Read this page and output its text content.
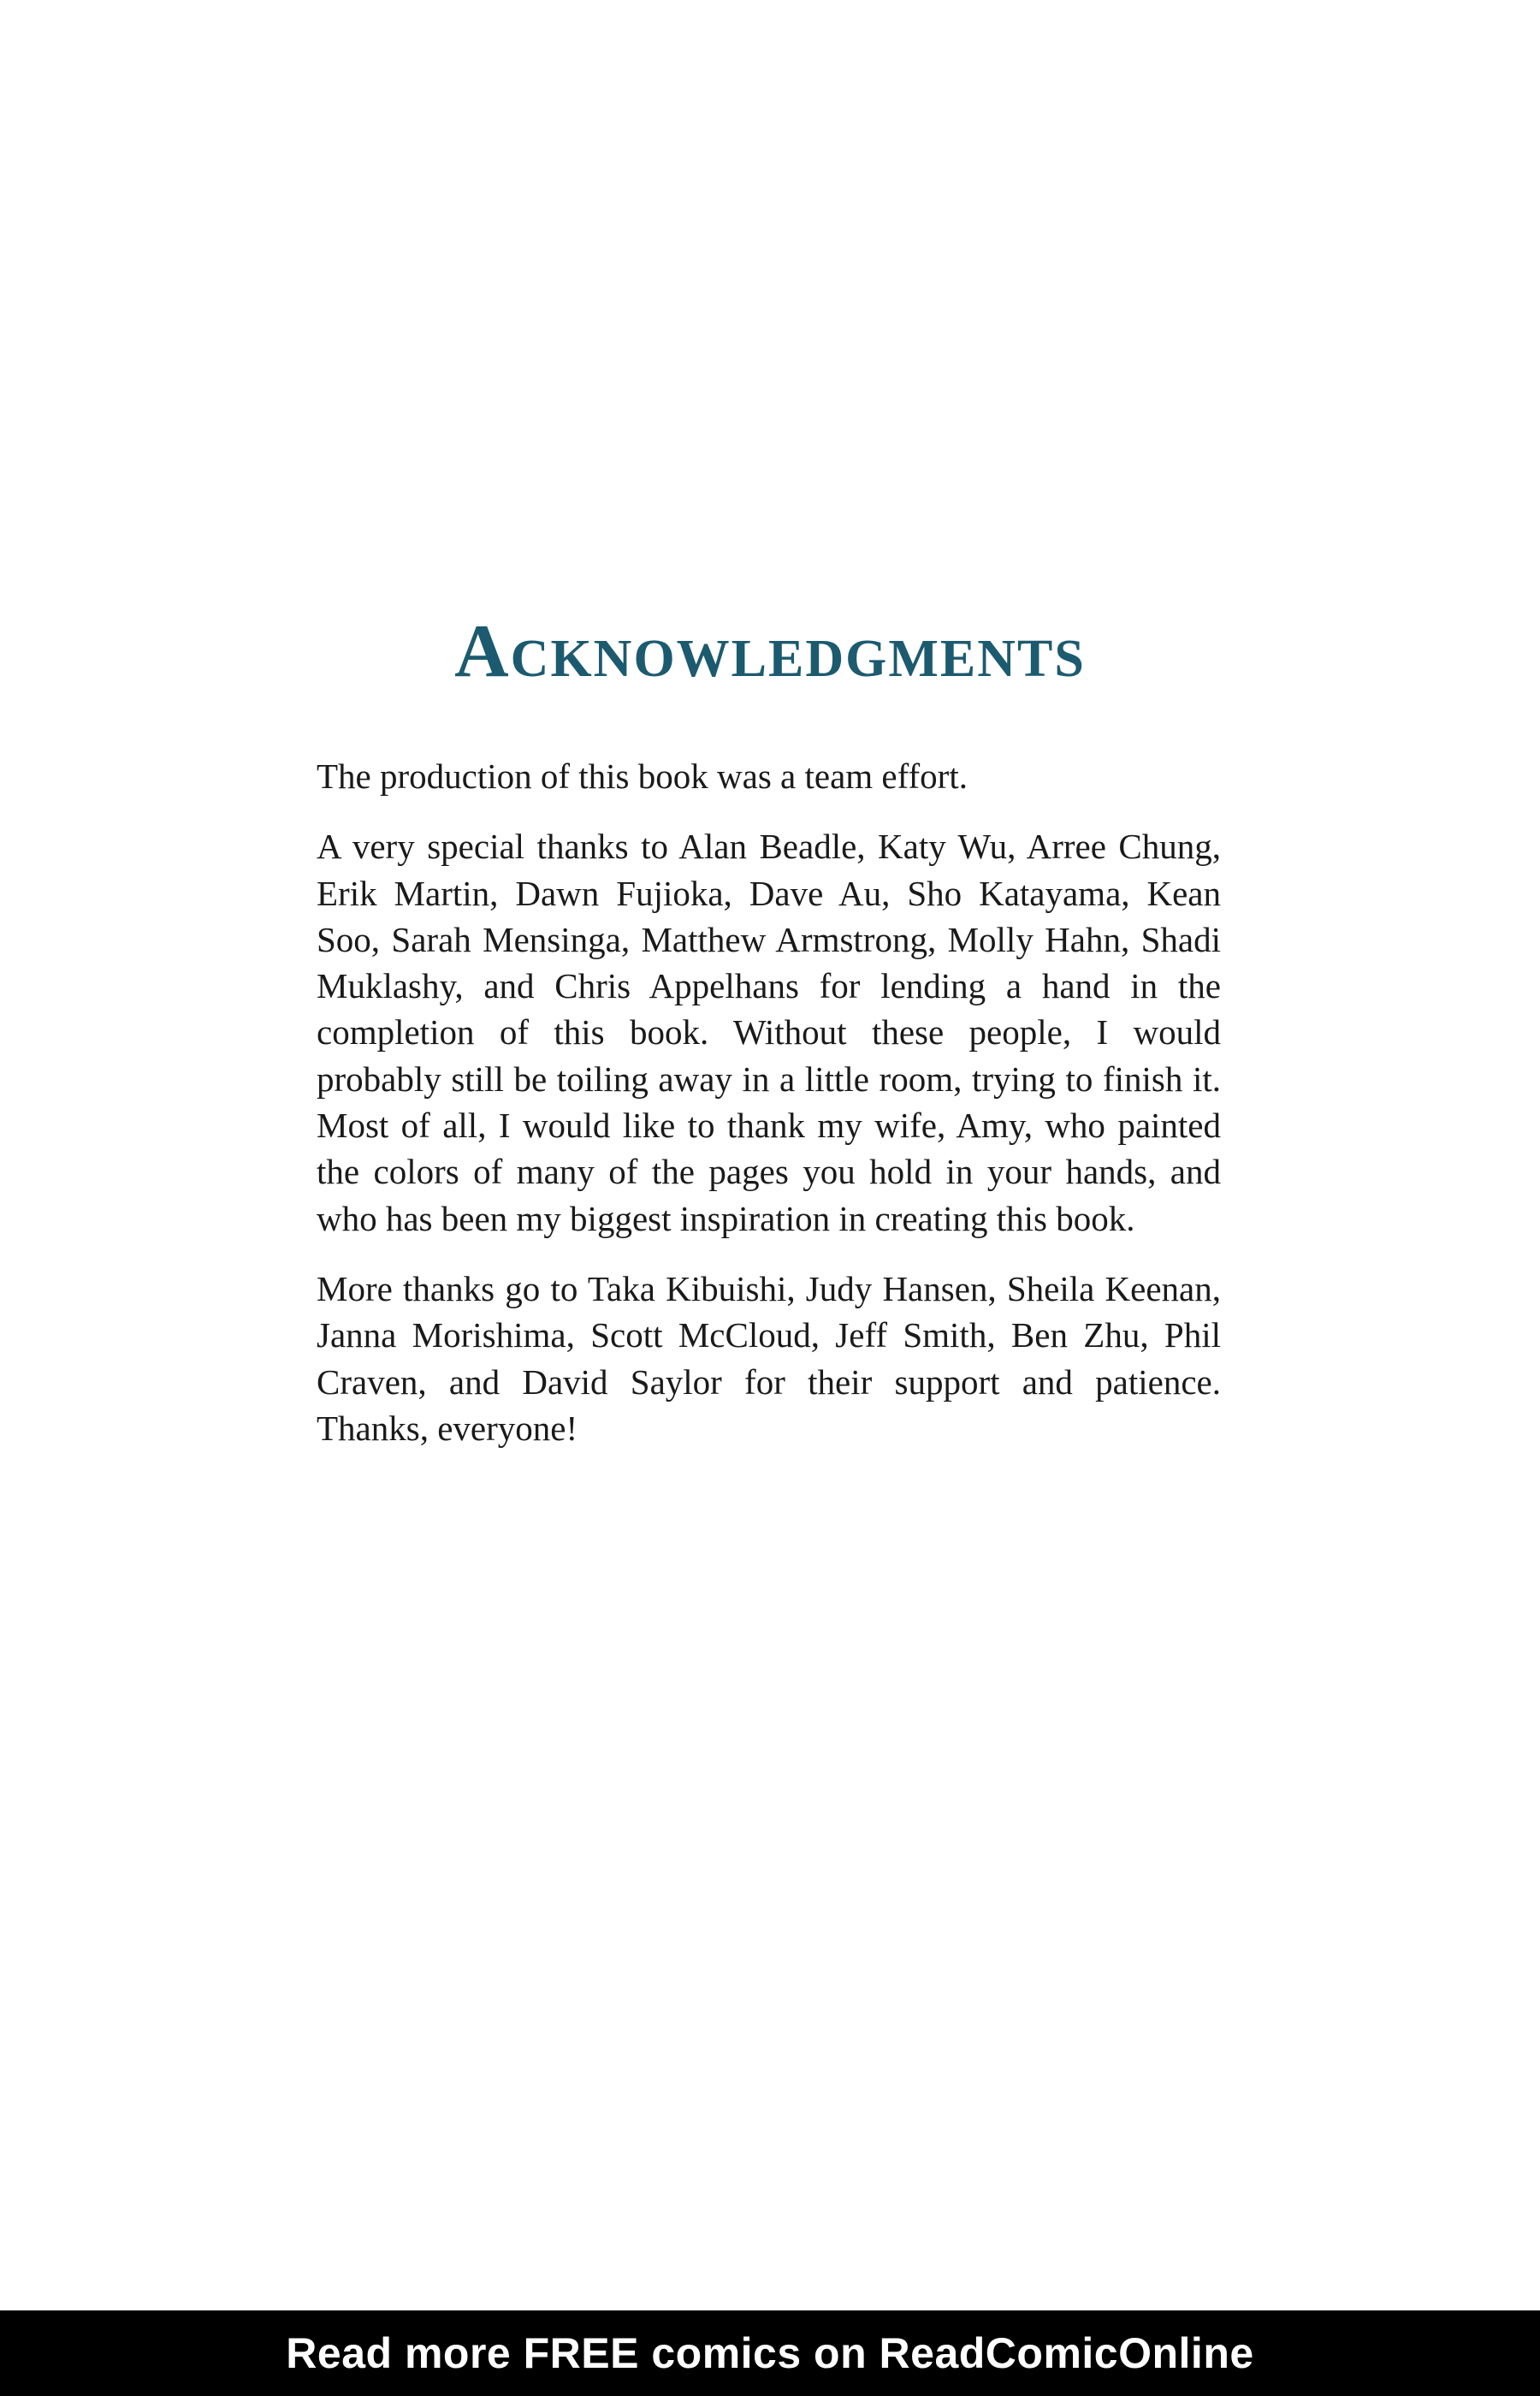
Acknowledgments

The production of this book was a team effort.

A very special thanks to Alan Beadle, Katy Wu, Arree Chung, Erik Martin, Dawn Fujioka, Dave Au, Sho Katayama, Kean Soo, Sarah Mensinga, Matthew Armstrong, Molly Hahn, Shadi Muklashy, and Chris Appelhans for lending a hand in the completion of this book. Without these people, I would probably still be toiling away in a little room, trying to finish it. Most of all, I would like to thank my wife, Amy, who painted the colors of many of the pages you hold in your hands, and who has been my biggest inspiration in creating this book.

More thanks go to Taka Kibuishi, Judy Hansen, Sheila Keenan, Janna Morishima, Scott McCloud, Jeff Smith, Ben Zhu, Phil Craven, and David Saylor for their support and patience. Thanks, everyone!

Read more FREE comics on ReadComicOnline
